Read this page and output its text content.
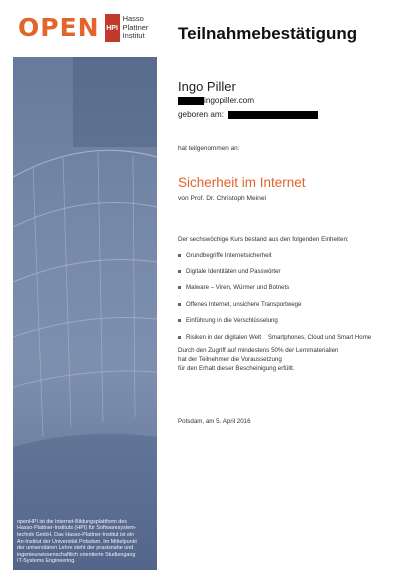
OPEN HPI
Hasso
Plattner
Institut Teilnahmebestätigung
openHPI ist die Internet-Bildungsplattform des
Hasso-Plattner-Instituts (HPI) für Softwaresystem-
technik GmbH. Das Hasso-Plattner-Institut ist ein
An-Institut der Universität Potsdam. Im Mittelpunkt
der universitären Lehre steht der praxisnahe und
ingenieurwissenschaftlich orientierte Studiengang
IT-Systems Engineering.
Ingo Piller
ingopiller.com
geboren am:
hat teilgenommen an:
Sicherheit im Internet
von Prof. Dr. Christoph Meinel
Der sechswöchige Kurs bestand aus den folgenden Einheiten:
Grundbegriffe Internetsicherheit
Digitale Identitäten und Passwörter
Malware – Viren, Würmer und Botnets
Offenes Internet, unsichere Transportwege
Einführung in die Verschlüsselung
Risiken in der digitalen Welt    Smartphones, Cloud und Smart Home
Durch den Zugriff auf mindestens 50% der Lernmaterialien
hat der Teilnehmer die Voraussetzung
für den Erhalt dieser Bescheinigung erfüllt.
Potsdam, am 5. April 2016
